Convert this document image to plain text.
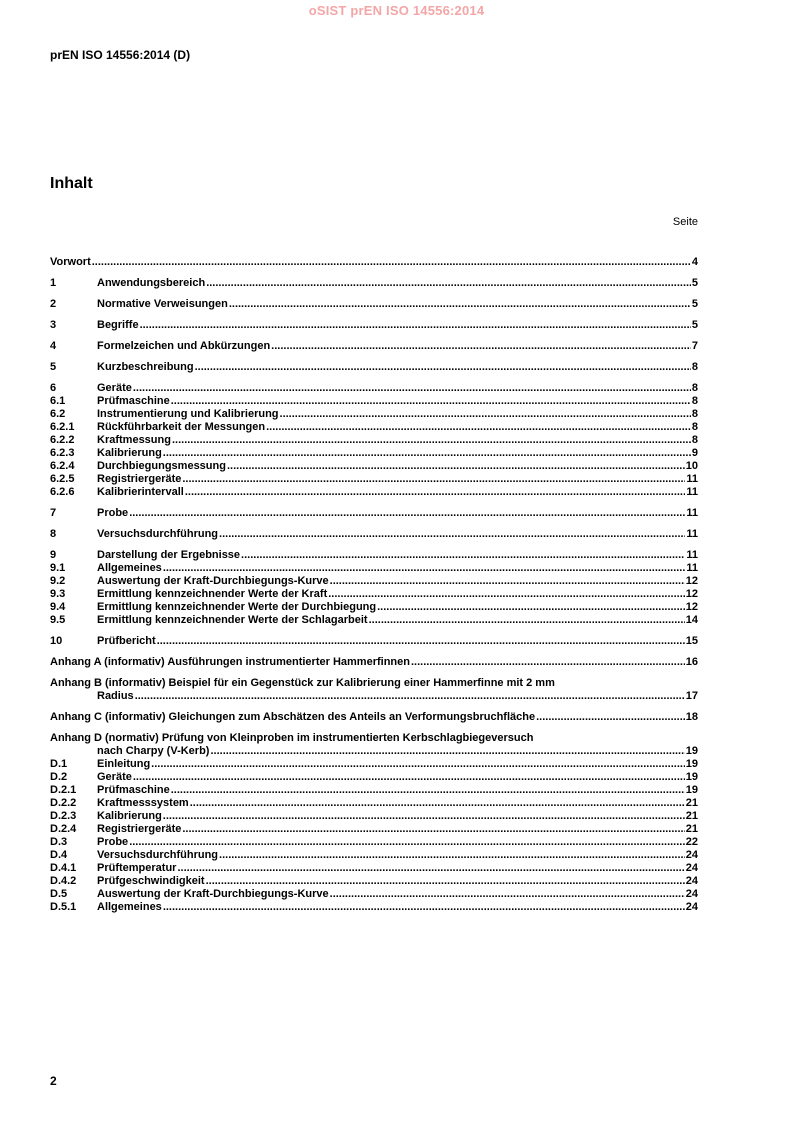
oSIST prEN ISO 14556:2014
prEN ISO 14556:2014 (D)
Inhalt
Seite
Vorwort .....	4
1	Anwendungsbereich .....	5
2	Normative Verweisungen .....	5
3	Begriffe .....	5
4	Formelzeichen und Abkürzungen .....	7
5	Kurzbeschreibung .....	8
6	Geräte .....	8
6.1	Prüfmaschine .....	8
6.2	Instrumentierung und Kalibrierung .....	8
6.2.1	Rückführbarkeit der Messungen .....	8
6.2.2	Kraftmessung .....	8
6.2.3	Kalibrierung .....	9
6.2.4	Durchbiegungsmessung .....	10
6.2.5	Registriergeräte .....	11
6.2.6	Kalibrierintervall .....	11
7	Probe .....	11
8	Versuchsdurchführung .....	11
9	Darstellung der Ergebnisse .....	11
9.1	Allgemeines .....	11
9.2	Auswertung der Kraft-Durchbiegungs-Kurve .....	12
9.3	Ermittlung kennzeichnender Werte der Kraft .....	12
9.4	Ermittlung kennzeichnender Werte der Durchbiegung .....	12
9.5	Ermittlung kennzeichnender Werte der Schlagarbeit .....	14
10	Prüfbericht .....	15
Anhang A (informativ) Ausführungen instrumentierter Hammerfinnen .....	16
Anhang B (informativ) Beispiel für ein Gegenstück zur Kalibrierung einer Hammerfinne mit 2 mm
Radius .....	17
Anhang C (informativ) Gleichungen zum Abschätzen des Anteils an Verformungsbruchfläche .....	18
Anhang D (normativ) Prüfung von Kleinproben im instrumentierten Kerbschlagbiegeversuch
nach Charpy (V-Kerb) .....	19
D.1	Einleitung .....	19
D.2	Geräte .....	19
D.2.1	Prüfmaschine .....	19
D.2.2	Kraftmesssystem .....	21
D.2.3	Kalibrierung .....	21
D.2.4	Registriergeräte .....	21
D.3	Probe .....	22
D.4	Versuchsdurchführung .....	24
D.4.1	Prüftemperatur .....	24
D.4.2	Prüfgeschwindigkeit .....	24
D.5	Auswertung der Kraft-Durchbiegungs-Kurve .....	24
D.5.1	Allgemeines .....	24
2
